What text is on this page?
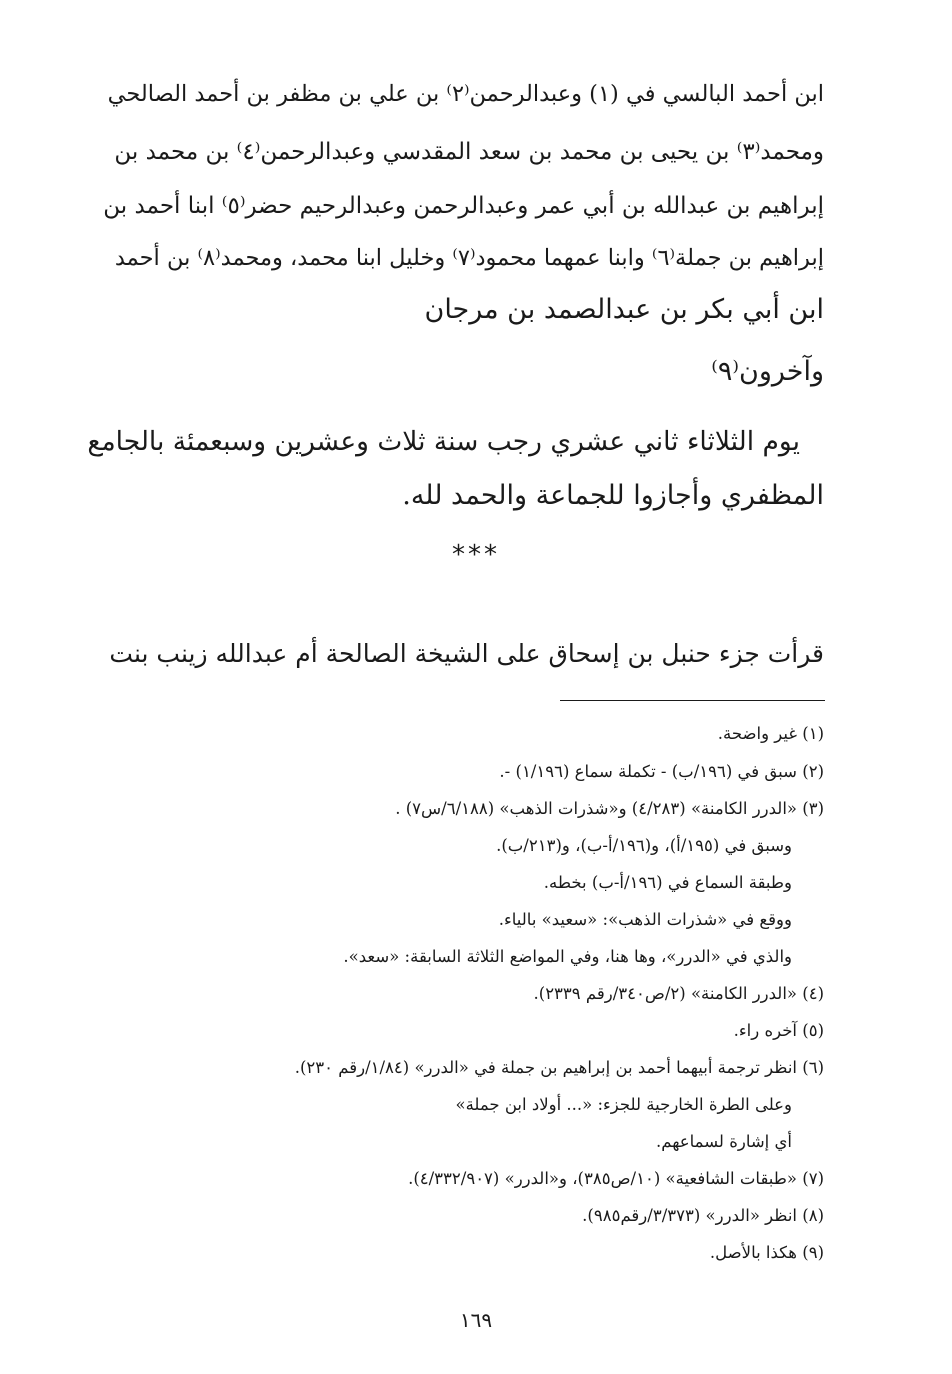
ابن أحمد البالسي في (١) وعبدالرحمن⁽٢⁾ بن علي بن مظفر بن أحمد الصالحي
ومحمد⁽٣⁾ بن يحيى بن محمد بن سعد المقدسي وعبدالرحمن⁽٤⁾ بن محمد بن
إبراهيم بن عبدالله بن أبي عمر وعبدالرحمن وعبدالرحيم حضر⁽٥⁾ ابنا أحمد بن
إبراهيم بن جملة⁽٦⁾ وابنا عمهما محمود⁽٧⁾ وخليل ابنا محمد، ومحمد⁽٨⁾ بن أحمد
ابن أبي بكر بن عبدالصمد بن مرجان
وآخرون⁽٩⁾
يوم الثلاثاء ثاني عشري رجب سنة ثلاث وعشرين وسبعمئة بالجامع
المظفري وأجازوا للجماعة والحمد لله.
***
قرأت جزء حنبل بن إسحاق على الشيخة الصالحة أم عبدالله زينب بنت
(١) غير واضحة.
(٢) سبق في (١٩٦/ب) - تكملة سماع (١/١٩٦) -.
(٣) «الدرر الكامنة» (٤/٢٨٣) و«شذرات الذهب» (٦/١٨٨/س٧) .
وسبق في (١٩٥/أ)، و(١٩٦/أ-ب)، و(٢١٣/ب).
وطبقة السماع في (١٩٦/أ-ب) بخطه.
ووقع في «شذرات الذهب»: «سعيد» بالياء.
والذي في «الدرر»، وها هنا، وفي المواضع الثلاثة السابقة: «سعد».
(٤) «الدرر الكامنة» (٢/ص٣٤٠/رقم ٢٣٣٩).
(٥) آخره راء.
(٦) انظر ترجمة أبيهما أحمد بن إبراهيم بن جملة في «الدرر» (١/٨٤/رقم ٢٣٠).
وعلى الطرة الخارجية للجزء: «... أولاد ابن جملة»
أي إشارة لسماعهم.
(٧) «طبقات الشافعية» (١٠/ص٣٨٥)، و«الدرر» (٤/٣٣٢/٩٠٧).
(٨) انظر «الدرر» (٣/٣٧٣/رقم٩٨٥).
(٩) هكذا بالأصل.
١٦٩
